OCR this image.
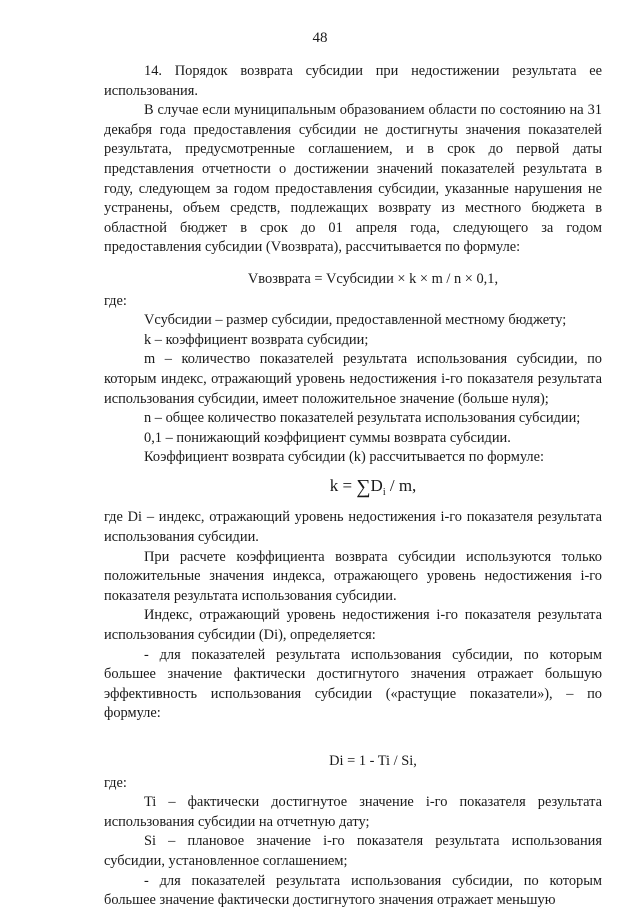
48

14. Порядок возврата субсидии при недостижении результата ее использования.

В случае если муниципальным образованием области по состоянию на 31 декабря года предоставления субсидии не достигнуты значения показателей результата, предусмотренные соглашением, и в срок до первой даты представления отчетности о достижении значений показателей результата в году, следующем за годом предоставления субсидии, указанные нарушения не устранены, объем средств, подлежащих возврату из местного бюджета в областной бюджет в срок до 01 апреля года, следующего за годом предоставления субсидии (Vвозврата), рассчитывается по формуле:

Vвозврата = Vсубсидии × k × m / n × 0,1,

где:

Vсубсидии – размер субсидии, предоставленной местному бюджету;

k – коэффициент возврата субсидии;

m – количество показателей результата использования субсидии, по которым индекс, отражающий уровень недостижения i-го показателя результата использования субсидии, имеет положительное значение (больше нуля);

n – общее количество показателей результата использования субсидии;

0,1 – понижающий коэффициент суммы возврата субсидии.

Коэффициент возврата субсидии (k) рассчитывается по формуле:

$k = \sum D_i / m$,

где Di – индекс, отражающий уровень недостижения i-го показателя результата использования субсидии.

При расчете коэффициента возврата субсидии используются только положительные значения индекса, отражающего уровень недостижения i-го показателя результата использования субсидии.

Индекс, отражающий уровень недостижения i-го показателя результата использования субсидии (Di), определяется:

- для показателей результата использования субсидии, по которым большее значение фактически достигнутого значения отражает большую эффективность использования субсидии («растущие показатели»), – по формуле:

Di = 1 - Ti / Si,

где:

Ti – фактически достигнутое значение i-го показателя результата использования субсидии на отчетную дату;

Si – плановое значение i-го показателя результата использования субсидии, установленное соглашением;

- для показателей результата использования субсидии, по которым большее значение фактически достигнутого значения отражает меньшую
